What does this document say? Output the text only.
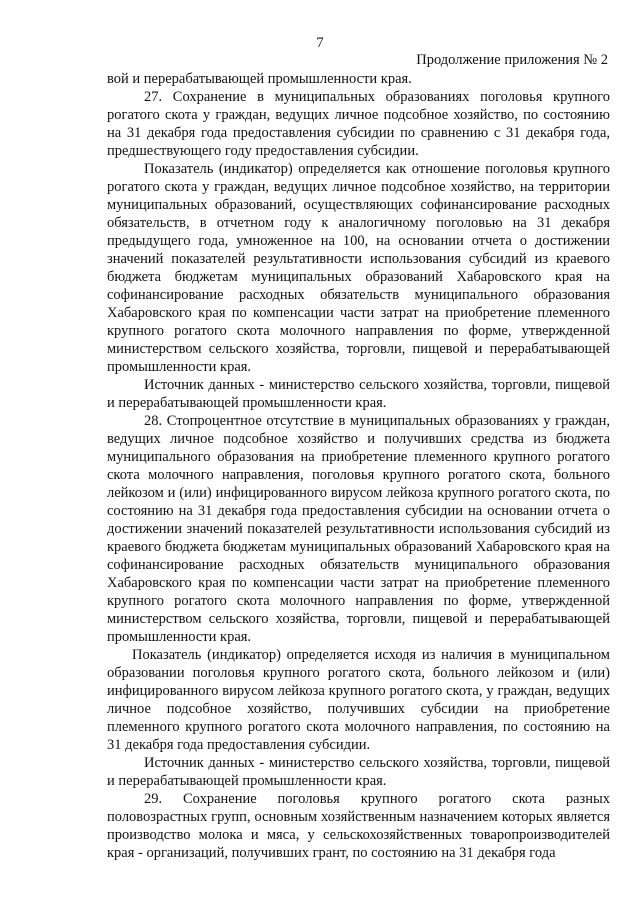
7
Продолжение приложения № 2

вой и перерабатывающей промышленности края.

27. Сохранение в муниципальных образованиях поголовья крупного рогатого скота у граждан, ведущих личное подсобное хозяйство, по состоянию на 31 декабря года предоставления субсидии по сравнению с 31 декабря года, предшествующего году предоставления субсидии.

Показатель (индикатор) определяется как отношение поголовья крупного рогатого скота у граждан, ведущих личное подсобное хозяйство, на территории муниципальных образований, осуществляющих софинансирование расходных обязательств, в отчетном году к аналогичному поголовью на 31 декабря предыдущего года, умноженное на 100, на основании отчета о достижении значений показателей результативности использования субсидий из краевого бюджета бюджетам муниципальных образований Хабаровского края на софинансирование расходных обязательств муниципального образования Хабаровского края по компенсации части затрат на приобретение племенного крупного рогатого скота молочного направления по форме, утвержденной министерством сельского хозяйства, торговли, пищевой и перерабатывающей промышленности края.

Источник данных - министерство сельского хозяйства, торговли, пищевой и перерабатывающей промышленности края.

28. Стопроцентное отсутствие в муниципальных образованиях у граждан, ведущих личное подсобное хозяйство и получивших средства из бюджета муниципального образования на приобретение племенного крупного рогатого скота молочного направления, поголовья крупного рогатого скота, больного лейкозом и (или) инфицированного вирусом лейкоза крупного рогатого скота, по состоянию на 31 декабря года предоставления субсидии на основании отчета о достижении значений показателей результативности использования субсидий из краевого бюджета бюджетам муниципальных образований Хабаровского края на софинансирование расходных обязательств муниципального образования Хабаровского края по компенсации части затрат на приобретение племенного крупного рогатого скота молочного направления по форме, утвержденной министерством сельского хозяйства, торговли, пищевой и перерабатывающей промышленности края.

Показатель (индикатор) определяется исходя из наличия в муниципальном образовании поголовья крупного рогатого скота, больного лейкозом и (или) инфицированного вирусом лейкоза крупного рогатого скота, у граждан, ведущих личное подсобное хозяйство, получивших субсидии на приобретение племенного крупного рогатого скота молочного направления, по состоянию на 31 декабря года предоставления субсидии.

Источник данных - министерство сельского хозяйства, торговли, пищевой и перерабатывающей промышленности края.

29. Сохранение поголовья крупного рогатого скота разных половозрастных групп, основным хозяйственным назначением которых является производство молока и мяса, у сельскохозяйственных товаропроизводителей края - организаций, получивших грант, по состоянию на 31 декабря года
